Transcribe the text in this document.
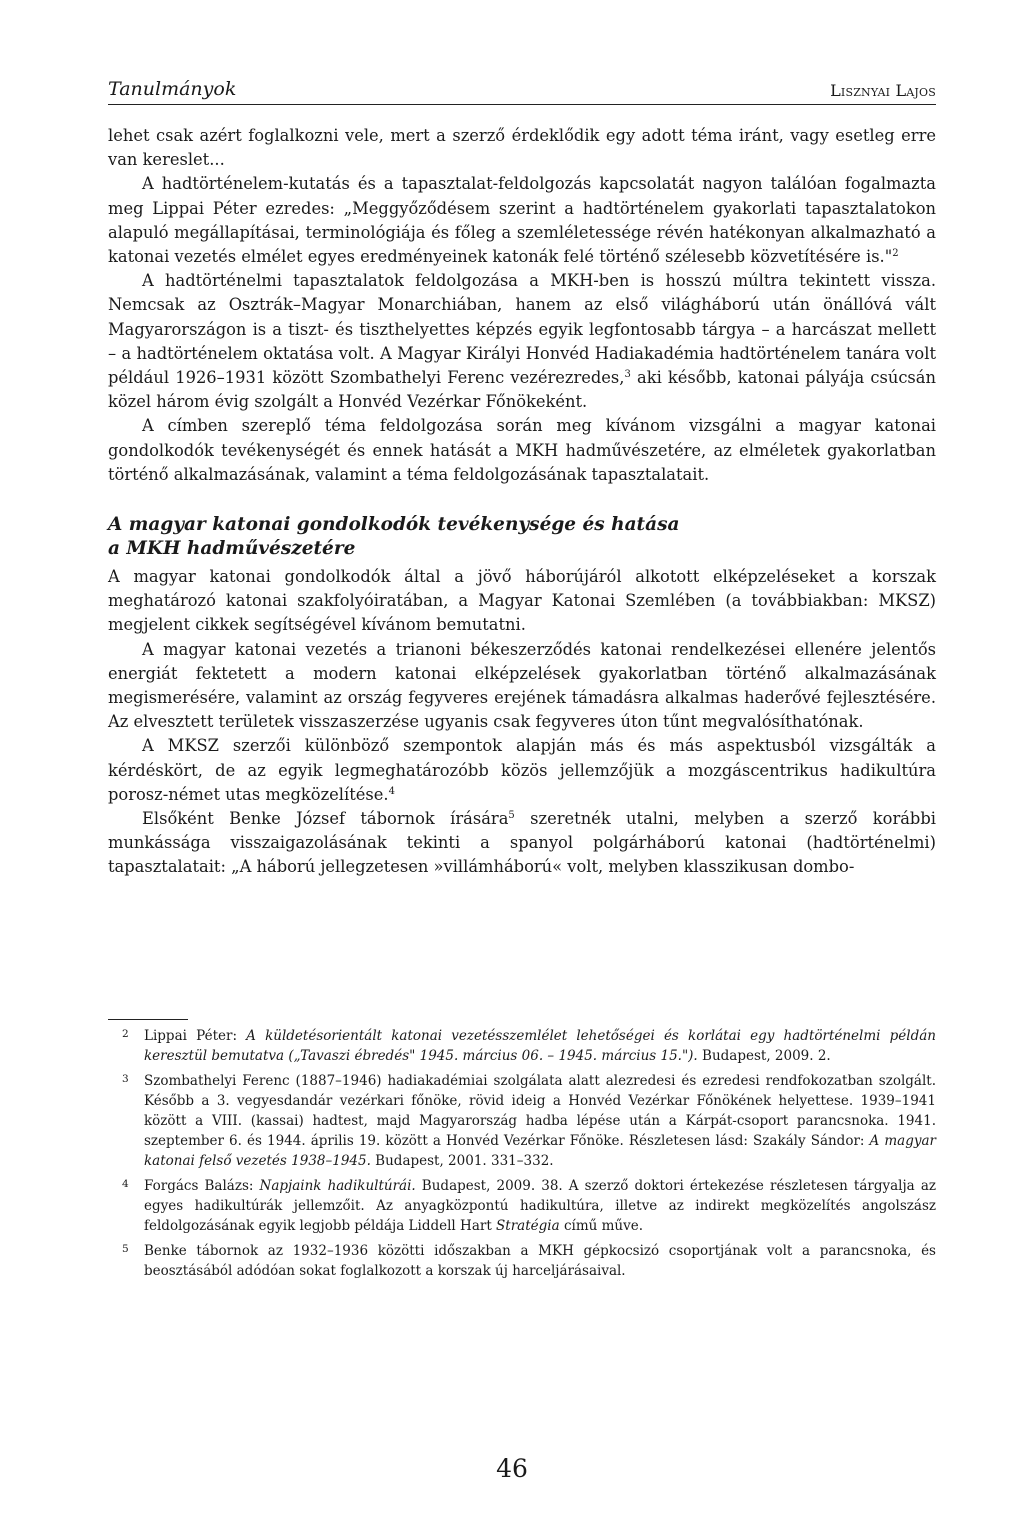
Tanulmányok	Lisznyai Lajos

lehet csak azért foglalkozni vele, mert a szerző érdeklődik egy adott téma iránt, vagy esetleg erre van kereslet...

A hadtörténelem-kutatás és a tapasztalat-feldolgozás kapcsolatát nagyon találóan fogalmazta meg Lippai Péter ezredes: „Meggyőződésem szerint a hadtörténelem gyakorlati tapasztalatokon alapuló megállapításai, terminológiája és főleg a szemléletessége révén hatékonyan alkalmazható a katonai vezetés elmélet egyes eredményeinek katonák felé történő szélesebb közvetítésére is."$^2$

A hadtörténelmi tapasztalatok feldolgozása a MKH-ben is hosszú múltra tekintett vissza. Nemcsak az Osztrák–Magyar Monarchiában, hanem az első világháború után önállóvá vált Magyarországon is a tiszt- és tiszthelyettes képzés egyik legfontosabb tárgya – a harcászat mellett – a hadtörténelem oktatása volt. A Magyar Királyi Honvéd Hadiakadémia hadtörténelem tanára volt például 1926–1931 között Szombathelyi Ferenc vezérezredes,$^3$ aki később, katonai pályája csúcsán közel három évig szolgált a Honvéd Vezérkar Főnökeként.

A címben szereplő téma feldolgozása során meg kívánom vizsgálni a magyar katonai gondolkodók tevékenységét és ennek hatását a MKH hadművészetére, az elméletek gyakorlatban történő alkalmazásának, valamint a téma feldolgozásának tapasztalatait.

A magyar katonai gondolkodók tevékenysége és hatása
a MKH hadművészetére

A magyar katonai gondolkodók által a jövő háborújáról alkotott elképzeléseket a korszak meghatározó katonai szakfolyóiratában, a Magyar Katonai Szemlében (a továbbiakban: MKSZ) megjelent cikkek segítségével kívánom bemutatni.

A magyar katonai vezetés a trianoni békeszerződés katonai rendelkezései ellenére jelentős energiát fektetett a modern katonai elképzelések gyakorlatban történő alkalmazásának megismerésére, valamint az ország fegyveres erejének támadásra alkalmas haderővé fejlesztésére. Az elvesztett területek visszaszerzése ugyanis csak fegyveres úton tűnt megvalósíthatónak.

A MKSZ szerzői különböző szempontok alapján más és más aspektusból vizsgálták a kérdéskört, de az egyik legmeghatározóbb közös jellemzőjük a mozgáscentrikus hadikultúra porosz-német utas megközelítése.$^4$

Elsőként Benke József tábornok írására$^5$ szeretnék utalni, melyben a szerző korábbi munkássága visszaigazolásának tekinti a spanyol polgárháború katonai (hadtörténelmi) tapasztalatait: „A háború jellegzetesen »villámháború« volt, melyben klasszikusan dombo-

2 Lippai Péter: A küldetésorientált katonai vezetésszemlélet lehetőségei és korlátai egy hadtörténelmi példán keresztül bemutatva („Tavaszi ébredés" 1945. március 06. – 1945. március 15."). Budapest, 2009. 2.
3 Szombathelyi Ferenc (1887–1946) hadiakadémiai szolgálata alatt alezredesi és ezredesi rendfokozatban szolgált. Később a 3. vegyesdandár vezérkari főnöke, rövid ideig a Honvéd Vezérkar Főnökének helyettese. 1939–1941 között a VIII. (kassai) hadtest, majd Magyarország hadba lépése után a Kárpát-csoport parancsnoka. 1941. szeptember 6. és 1944. április 19. között a Honvéd Vezérkar Főnöke. Részletesen lásd: Szakály Sándor: A magyar katonai felső vezetés 1938–1945. Budapest, 2001. 331–332.
4 Forgács Balázs: Napjaink hadikultúrái. Budapest, 2009. 38. A szerző doktori értekezése részletesen tárgyalja az egyes hadikultúrák jellemzőit. Az anyagközpontú hadikultúra, illetve az indirekt megközelítés angolszász feldolgozásának egyik legjobb példája Liddell Hart Stratégia című műve.
5 Benke tábornok az 1932–1936 közötti időszakban a MKH gépkocsizó csoportjának volt a parancsnoka, és beosztásából adódóan sokat foglalkozott a korszak új harceljárásaival.
46
